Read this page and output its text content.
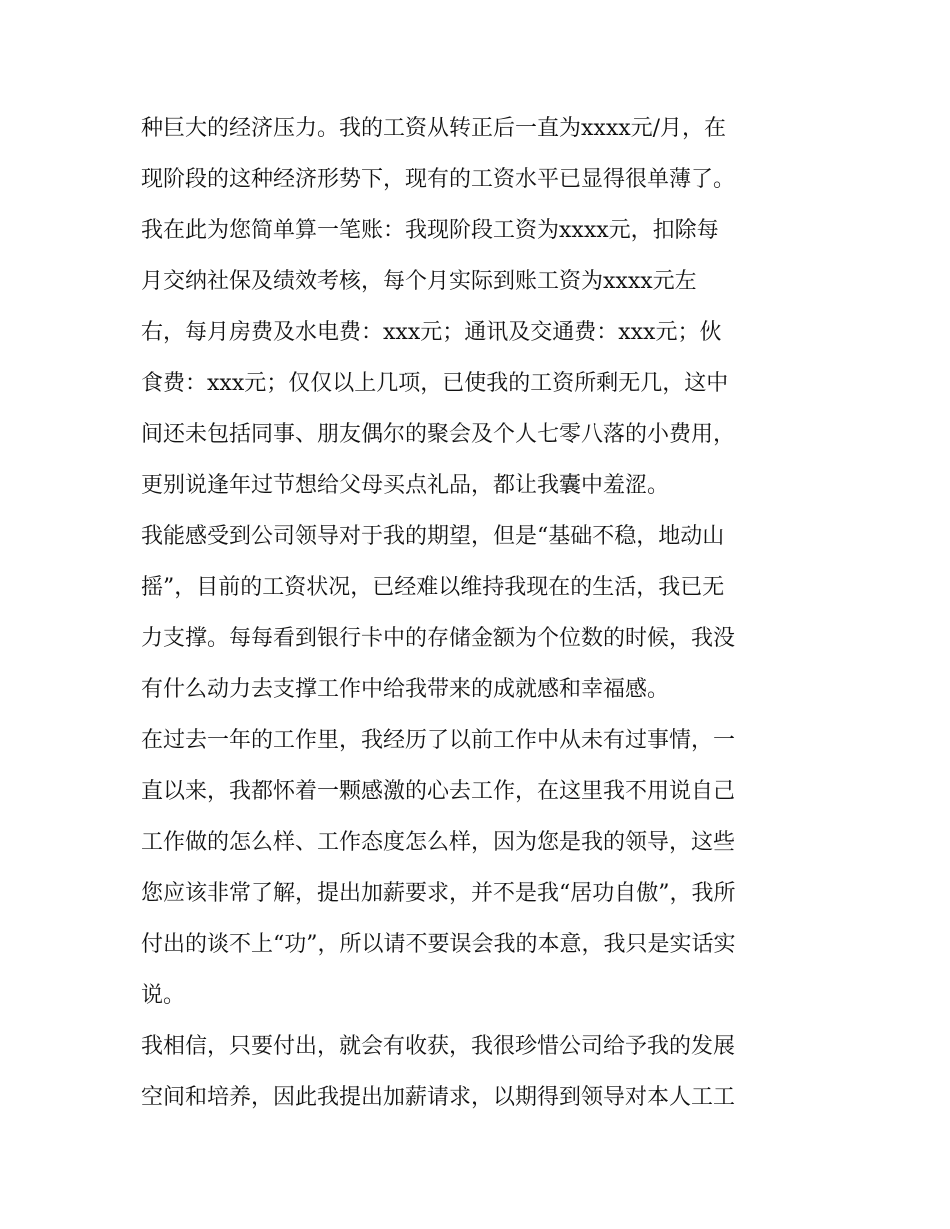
种巨大的经济压力。我的工资从转正后一直为xxxx元/月，在
现阶段的这种经济形势下，现有的工资水平已显得很单薄了。
我在此为您简单算一笔账：我现阶段工资为xxxx元，扣除每
月交纳社保及绩效考核，每个月实际到账工资为xxxx元左
右，每月房费及水电费：xxx元；通讯及交通费：xxx元；伙
食费：xxx元；仅仅以上几项，已使我的工资所剩无几，这中
间还未包括同事、朋友偶尔的聚会及个人七零八落的小费用，
更别说逢年过节想给父母买点礼品，都让我囊中羞涩。
我能感受到公司领导对于我的期望，但是“基础不稳，地动山
摇”，目前的工资状况，已经难以维持我现在的生活，我已无
力支撑。每每看到银行卡中的存储金额为个位数的时候，我没
有什么动力去支撑工作中给我带来的成就感和幸福感。
在过去一年的工作里，我经历了以前工作中从未有过事情，一
直以来，我都怀着一颗感激的心去工作，在这里我不用说自己
工作做的怎么样、工作态度怎么样，因为您是我的领导，这些
您应该非常了解，提出加薪要求，并不是我“居功自傲”，我所
付出的谈不上“功”，所以请不要误会我的本意，我只是实话实
说。
我相信，只要付出，就会有收获，我很珍惜公司给予我的发展
空间和培养，因此我提出加薪请求，以期得到领导对本人工工
